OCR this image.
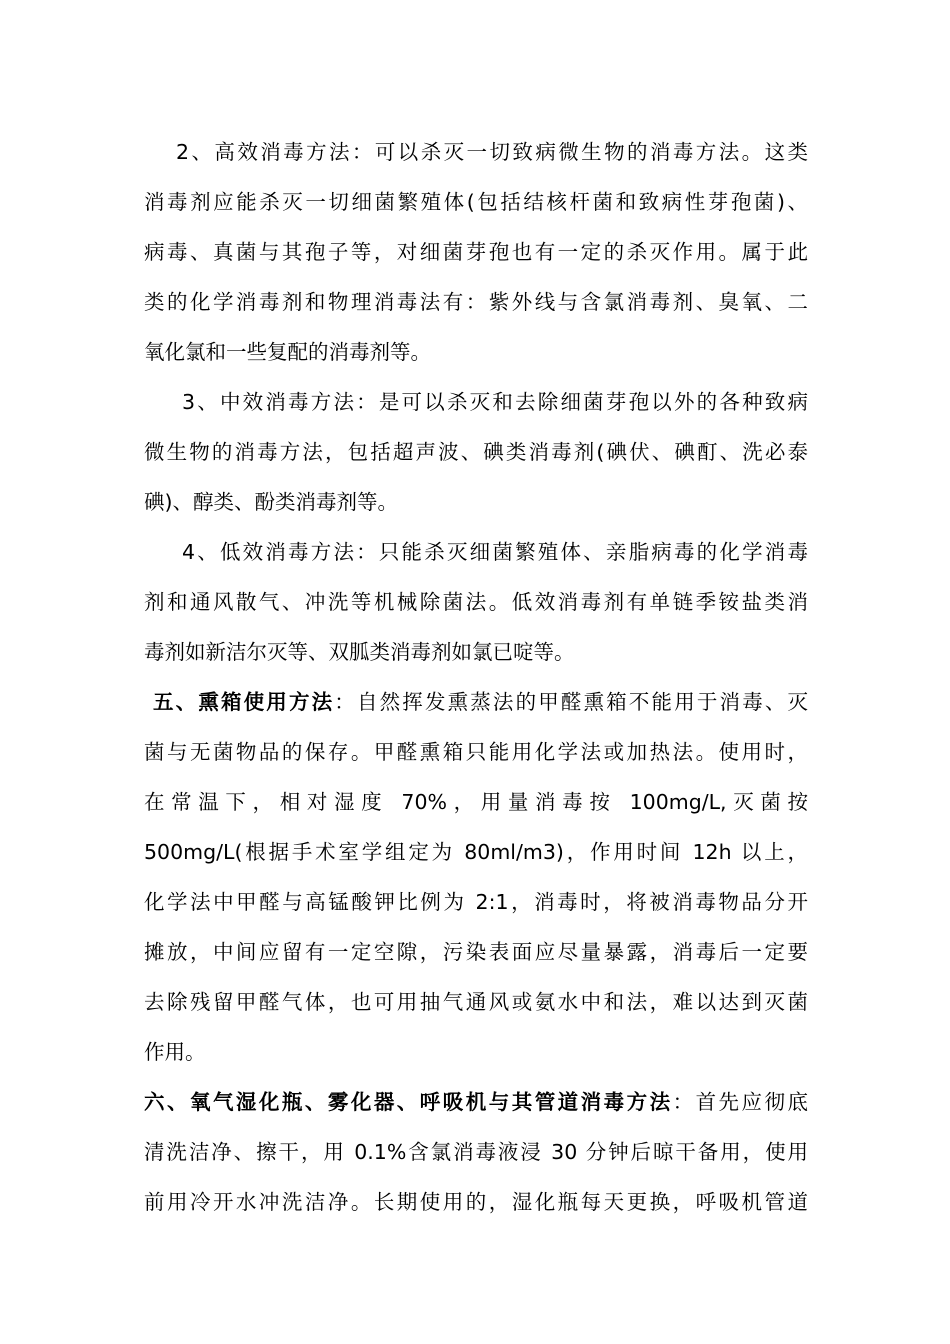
2、高效消毒方法：可以杀灭一切致病微生物的消毒方法。这类
消毒剂应能杀灭一切细菌繁殖体(包括结核杆菌和致病性芽孢菌)、
病毒、真菌与其孢子等，对细菌芽孢也有一定的杀灭作用。属于此
类的化学消毒剂和物理消毒法有：紫外线与含氯消毒剂、臭氧、二
氧化氯和一些复配的消毒剂等。
3、中效消毒方法：是可以杀灭和去除细菌芽孢以外的各种致病
微生物的消毒方法，包括超声波、碘类消毒剂(碘伏、碘酊、洗必泰
碘)、醇类、酚类消毒剂等。
4、低效消毒方法：只能杀灭细菌繁殖体、亲脂病毒的化学消毒
剂和通风散气、冲洗等机械除菌法。低效消毒剂有单链季铵盐类消
毒剂如新洁尔灭等、双胍类消毒剂如氯已啶等。
五、熏箱使用方法：自然挥发熏蒸法的甲醛熏箱不能用于消毒、灭
菌与无菌物品的保存。甲醛熏箱只能用化学法或加热法。使用时，
在常温下，相对湿度 70%，用量消毒按 100mg/L,灭菌按
500mg/L(根据手术室学组定为 80ml/m3)，作用时间 12h 以上，
化学法中甲醛与高锰酸钾比例为 2:1，消毒时，将被消毒物品分开
摊放，中间应留有一定空隙，污染表面应尽量暴露，消毒后一定要
去除残留甲醛气体，也可用抽气通风或氨水中和法，难以达到灭菌
作用。
六、氧气湿化瓶、雾化器、呼吸机与其管道消毒方法：首先应彻底
清洗洁净、擦干，用 0.1%含氯消毒液浸 30 分钟后晾干备用，使用
前用冷开水冲洗洁净。长期使用的，湿化瓶每天更换，呼吸机管道
